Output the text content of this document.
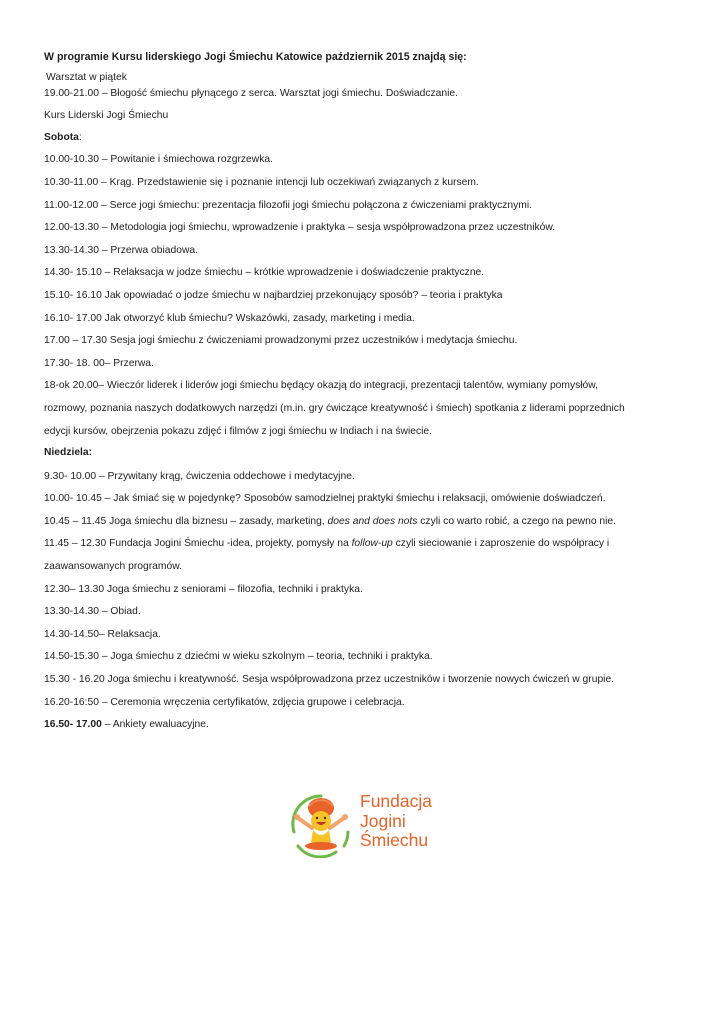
W programie Kursu liderskiego Jogi Śmiechu Katowice październik 2015 znajdą się:
Warsztat w piątek
19.00-21.00 – Błogość śmiechu płynącego z serca. Warsztat jogi śmiechu. Doświadczanie.
Kurs Liderski Jogi Śmiechu
Sobota:
10.00-10.30 – Powitanie i śmiechowa rozgrzewka.
10.30-11.00 – Krąg. Przedstawienie się i poznanie intencji lub oczekiwań związanych z kursem.
11.00-12.00 – Serce jogi śmiechu: prezentacja filozofii jogi śmiechu połączona z ćwiczeniami praktycznymi.
12.00-13.30 – Metodologia jogi śmiechu, wprowadzenie i praktyka – sesja współprowadzona przez uczestników.
13.30-14.30 – Przerwa obiadowa.
14.30- 15.10 – Relaksacja w jodze śmiechu – krótkie wprowadzenie i doświadczenie praktyczne.
15.10- 16.10 Jak opowiadać o jodze śmiechu w najbardziej przekonujący sposób? – teoria i praktyka
16.10- 17.00 Jak otworzyć klub śmiechu? Wskazówki, zasady, marketing i media.
17.00 – 17.30 Sesja jogi śmiechu z ćwiczeniami prowadzonymi przez uczestników i medytacja śmiechu.
17.30- 18. 00– Przerwa.
18-ok 20.00– Wieczór liderek i liderów jogi śmiechu będący okazją do integracji, prezentacji talentów, wymiany pomysłów,
rozmowy, poznania naszych dodatkowych narzędzi (m.in. gry ćwiczące kreatywność i śmiech) spotkania z liderami poprzednich
edycji kursów, obejrzenia pokazu zdjęć i filmów z jogi śmiechu w Indiach i na świecie.
Niedziela:
9.30- 10.00 – Przywitany krąg, ćwiczenia oddechowe i medytacyjne.
10.00- 10.45 – Jak śmiać się w pojedynkę? Sposobów samodzielnej praktyki śmiechu i relaksacji, omówienie doświadczeń.
10.45 – 11.45 Joga śmiechu dla biznesu – zasady, marketing, does and does nots czyli co warto robić, a czego na pewno nie.
11.45 – 12.30 Fundacja Jogini Śmiechu -idea, projekty, pomysły na follow-up czyli sieciowanie i zaproszenie do współpracy i
zaawansowanych programów.
12.30– 13.30 Joga śmiechu z seniorami – filozofia, techniki i praktyka.
13.30-14.30 – Obiad.
14.30-14.50– Relaksacja.
14.50-15.30 – Joga śmiechu z dziećmi w wieku szkolnym – teoria, techniki i praktyka.
15.30 - 16.20 Joga śmiechu i kreatywność. Sesja współprowadzona przez uczestników i tworzenie nowych ćwiczeń w grupie.
16.20-16:50 – Ceremonia wręczenia certyfikatów, zdjęcia grupowe i celebracja.
16.50- 17.00 – Ankiety ewaluacyjne.
Fundacja
Jogini
Śmiechu
